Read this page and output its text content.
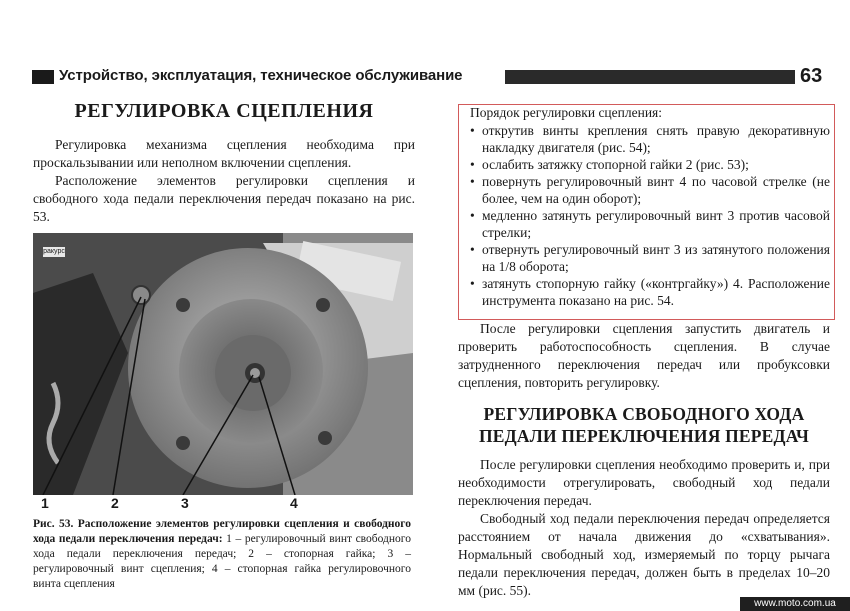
Устройство, эксплуатация, техническое обслуживание	63
РЕГУЛИРОВКА СЦЕПЛЕНИЯ

Регулировка механизма сцепления необходима при проскальзывании или неполном включении сцепления.

Расположение элементов регулировки сцепления и свободного хода педали переключения передач показано на рис. 53.

ракурс
1	2	3	4
Рис. 53. Расположение элементов регулировки сцепления и свободного хода педали переключения передач: 1 – регулировочный винт свободного хода педали переключения передач; 2 – стопорная гайка; 3 – регулировочный винт сцепления; 4 – стопорная гайка регулировочного винта сцепления

Порядок регулировки сцепления:

• открутив винты крепления снять правую декоративную накладку двигателя (рис. 54);
• ослабить затяжку стопорной гайки 2 (рис. 53);
• повернуть регулировочный винт 4 по часовой стрелке (не более, чем на один оборот);
• медленно затянуть регулировочный винт 3 против часовой стрелки;
• отвернуть регулировочный винт 3 из затянутого положения на 1/8 оборота;
• затянуть стопорную гайку («контргайку») 4. Расположение инструмента показано на рис. 54.

После регулировки сцепления запустить двигатель и проверить работоспособность сцепления. В случае затрудненного переключения передач или пробуксовки сцепления, повторить регулировку.

РЕГУЛИРОВКА СВОБОДНОГО ХОДА
ПЕДАЛИ ПЕРЕКЛЮЧЕНИЯ ПЕРЕДАЧ

После регулировки сцепления необходимо проверить и, при необходимости отрегулировать, свободный ход педали переключения передач.

Свободный ход педали переключения передач определяется расстоянием от начала движения до «схватывания». Нормальный свободный ход, измеряемый по торцу рычага педали переключения передач, должен быть в пределах 10–20 мм (рис. 55).

www.moto.com.ua
